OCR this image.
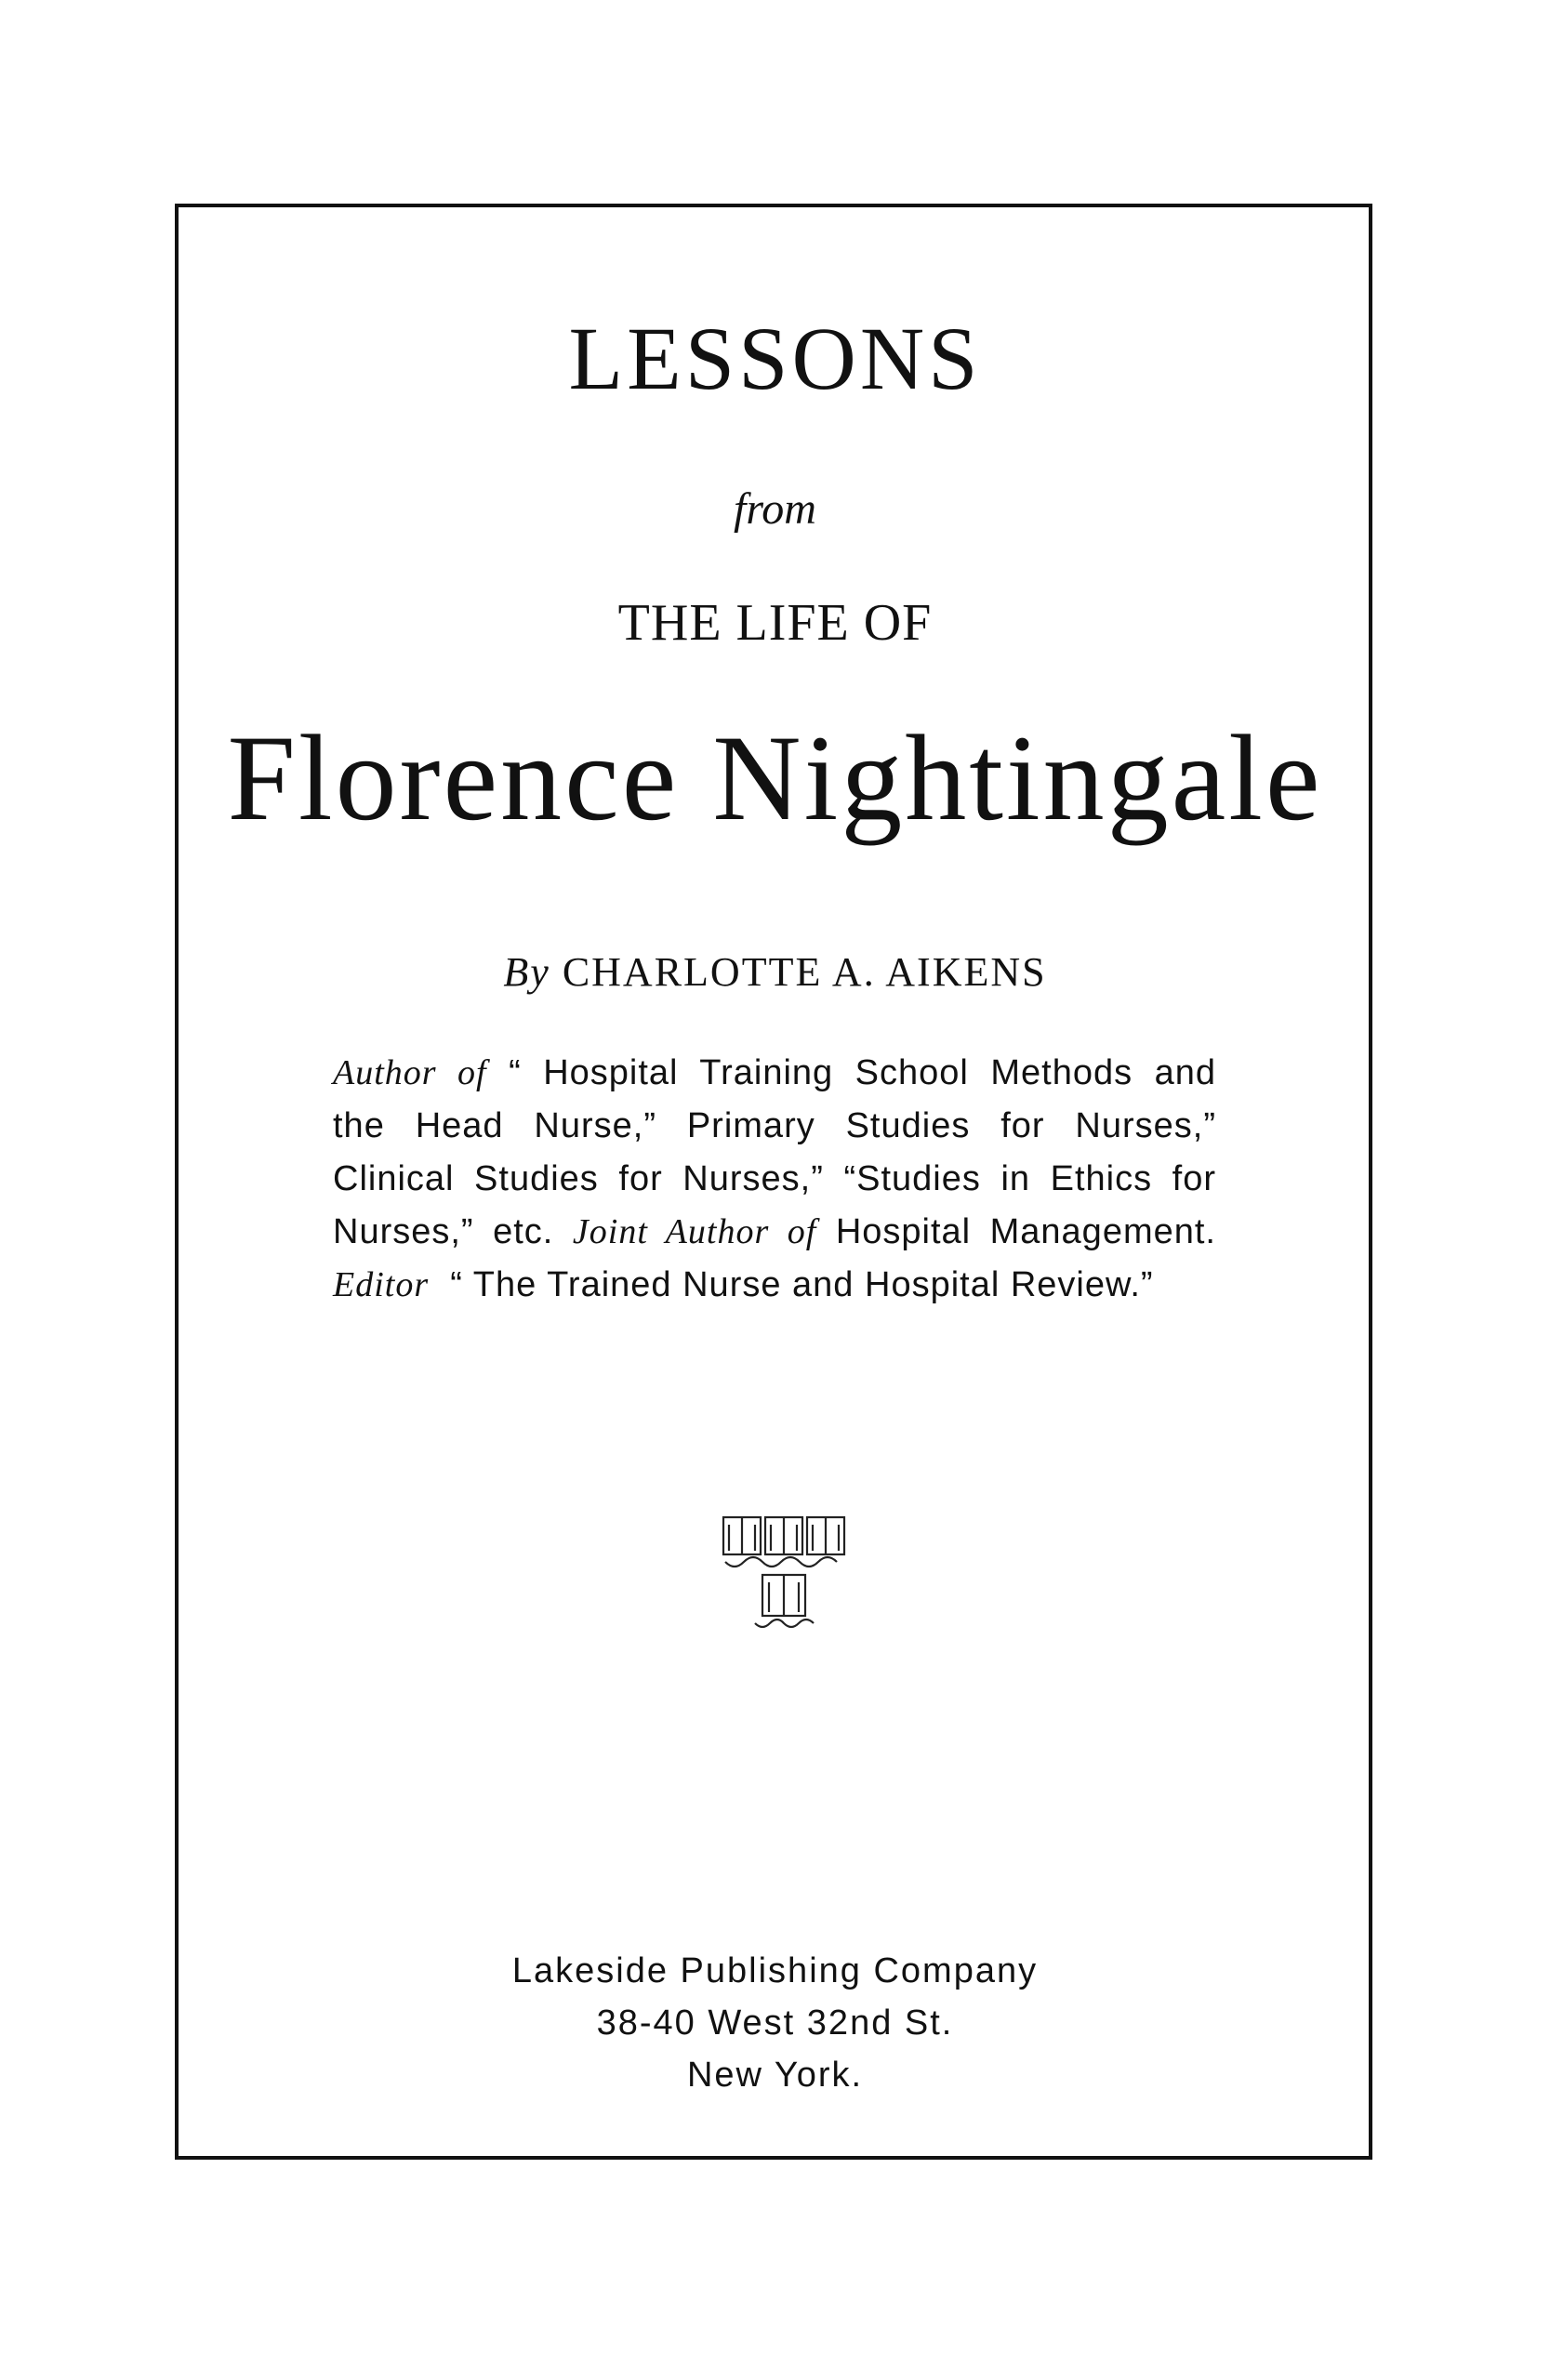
LESSONS
from
THE LIFE OF
Florence Nightingale
By CHARLOTTE A. AIKENS
Author of “ Hospital Training School Methods and
the Head Nurse,” Primary Studies for Nurses,”
Clinical Studies for Nurses,” “Studies in Ethics for
Nurses,” etc. Joint Author of Hospital Management.
Editor “ The Trained Nurse and Hospital Review.”
Lakeside Publishing Company
38-40 West 32nd St.
New York.
